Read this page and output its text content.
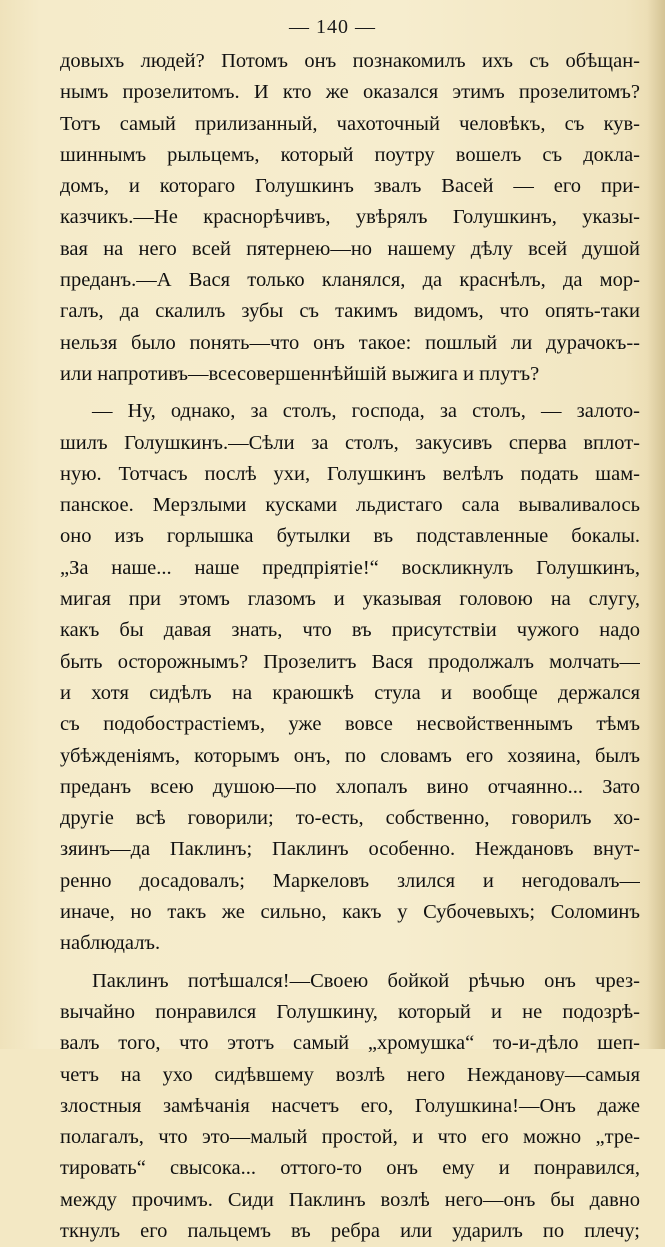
— 140 —
довыхъ людей? Потомъ онъ познакомилъ ихъ съ обѣщан-
нымъ прозелитомъ. И кто же оказался этимъ прозелитомъ?
Тотъ самый прилизанный, чахоточный человѣкъ, съ кув-
шиннымъ рыльцемъ, который поутру вошелъ съ докла-
домъ, и котораго Голушкинъ звалъ Васей — его при-
казчикъ.—Не краснорѣчивъ, увѣрялъ Голушкинъ, указы-
вая на него всей пятернею—но нашему дѣлу всей душой
преданъ.—А Вася только кланялся, да краснѣлъ, да мор-
галъ, да скалилъ зубы съ такимъ видомъ, что опять-таки
нельзя было понять—что онъ такое: пошлый ли дурачокъ--
или напротивъ—всесовершеннѣйшій выжига и плутъ?
— Ну, однако, за столъ, господа, за столъ, — залото-
шилъ Голушкинъ.—Сѣли за столъ, закусивъ сперва вплот-
ную. Тотчасъ послѣ ухи, Голушкинъ велѣлъ подать шам-
панское. Мерзлыми кусками льдистаго сала вываливалось
оно изъ горлышка бутылки въ подставленные бокалы.
„За наше... наше предпріятіе!“ воскликнулъ Голушкинъ,
мигая при этомъ глазомъ и указывая головою на слугу,
какъ бы давая знать, что въ присутствіи чужого надо
быть осторожнымъ? Прозелитъ Вася продолжалъ молчать—
и хотя сидѣлъ на краюшкѣ стула и вообще держался
съ подобострастіемъ, уже вовсе несвойственнымъ тѣмъ
убѣжденіямъ, которымъ онъ, по словамъ его хозяина, былъ
преданъ всею душою—по хлопалъ вино отчаянно... Зато
другіе всѣ говорили; то-есть, собственно, говорилъ хо-
зяинъ—да Паклинъ; Паклинъ особенно. Неждановъ внут-
ренно досадовалъ; Маркеловъ злился и негодовалъ—
иначе, но такъ же сильно, какъ у Субочевыхъ; Соломинъ
наблюдалъ.
Паклинъ потѣшался!—Своею бойкой рѣчью онъ чрез-
вычайно понравился Голушкину, который и не подозрѣ-
валъ того, что этотъ самый „хромушка“ то-и-дѣло шеп-
четъ на ухо сидѣвшему возлѣ него Нежданову—самыя
злостныя замѣчанія насчетъ его, Голушкина!—Онъ даже
полагалъ, что это—малый простой, и что его можно „тре-
тировать“ свысока... оттого-то онъ ему и понравился,
между прочимъ. Сиди Паклинъ возлѣ него—онъ бы давно
ткнулъ его пальцемъ въ ребра или ударилъ по плечу;
